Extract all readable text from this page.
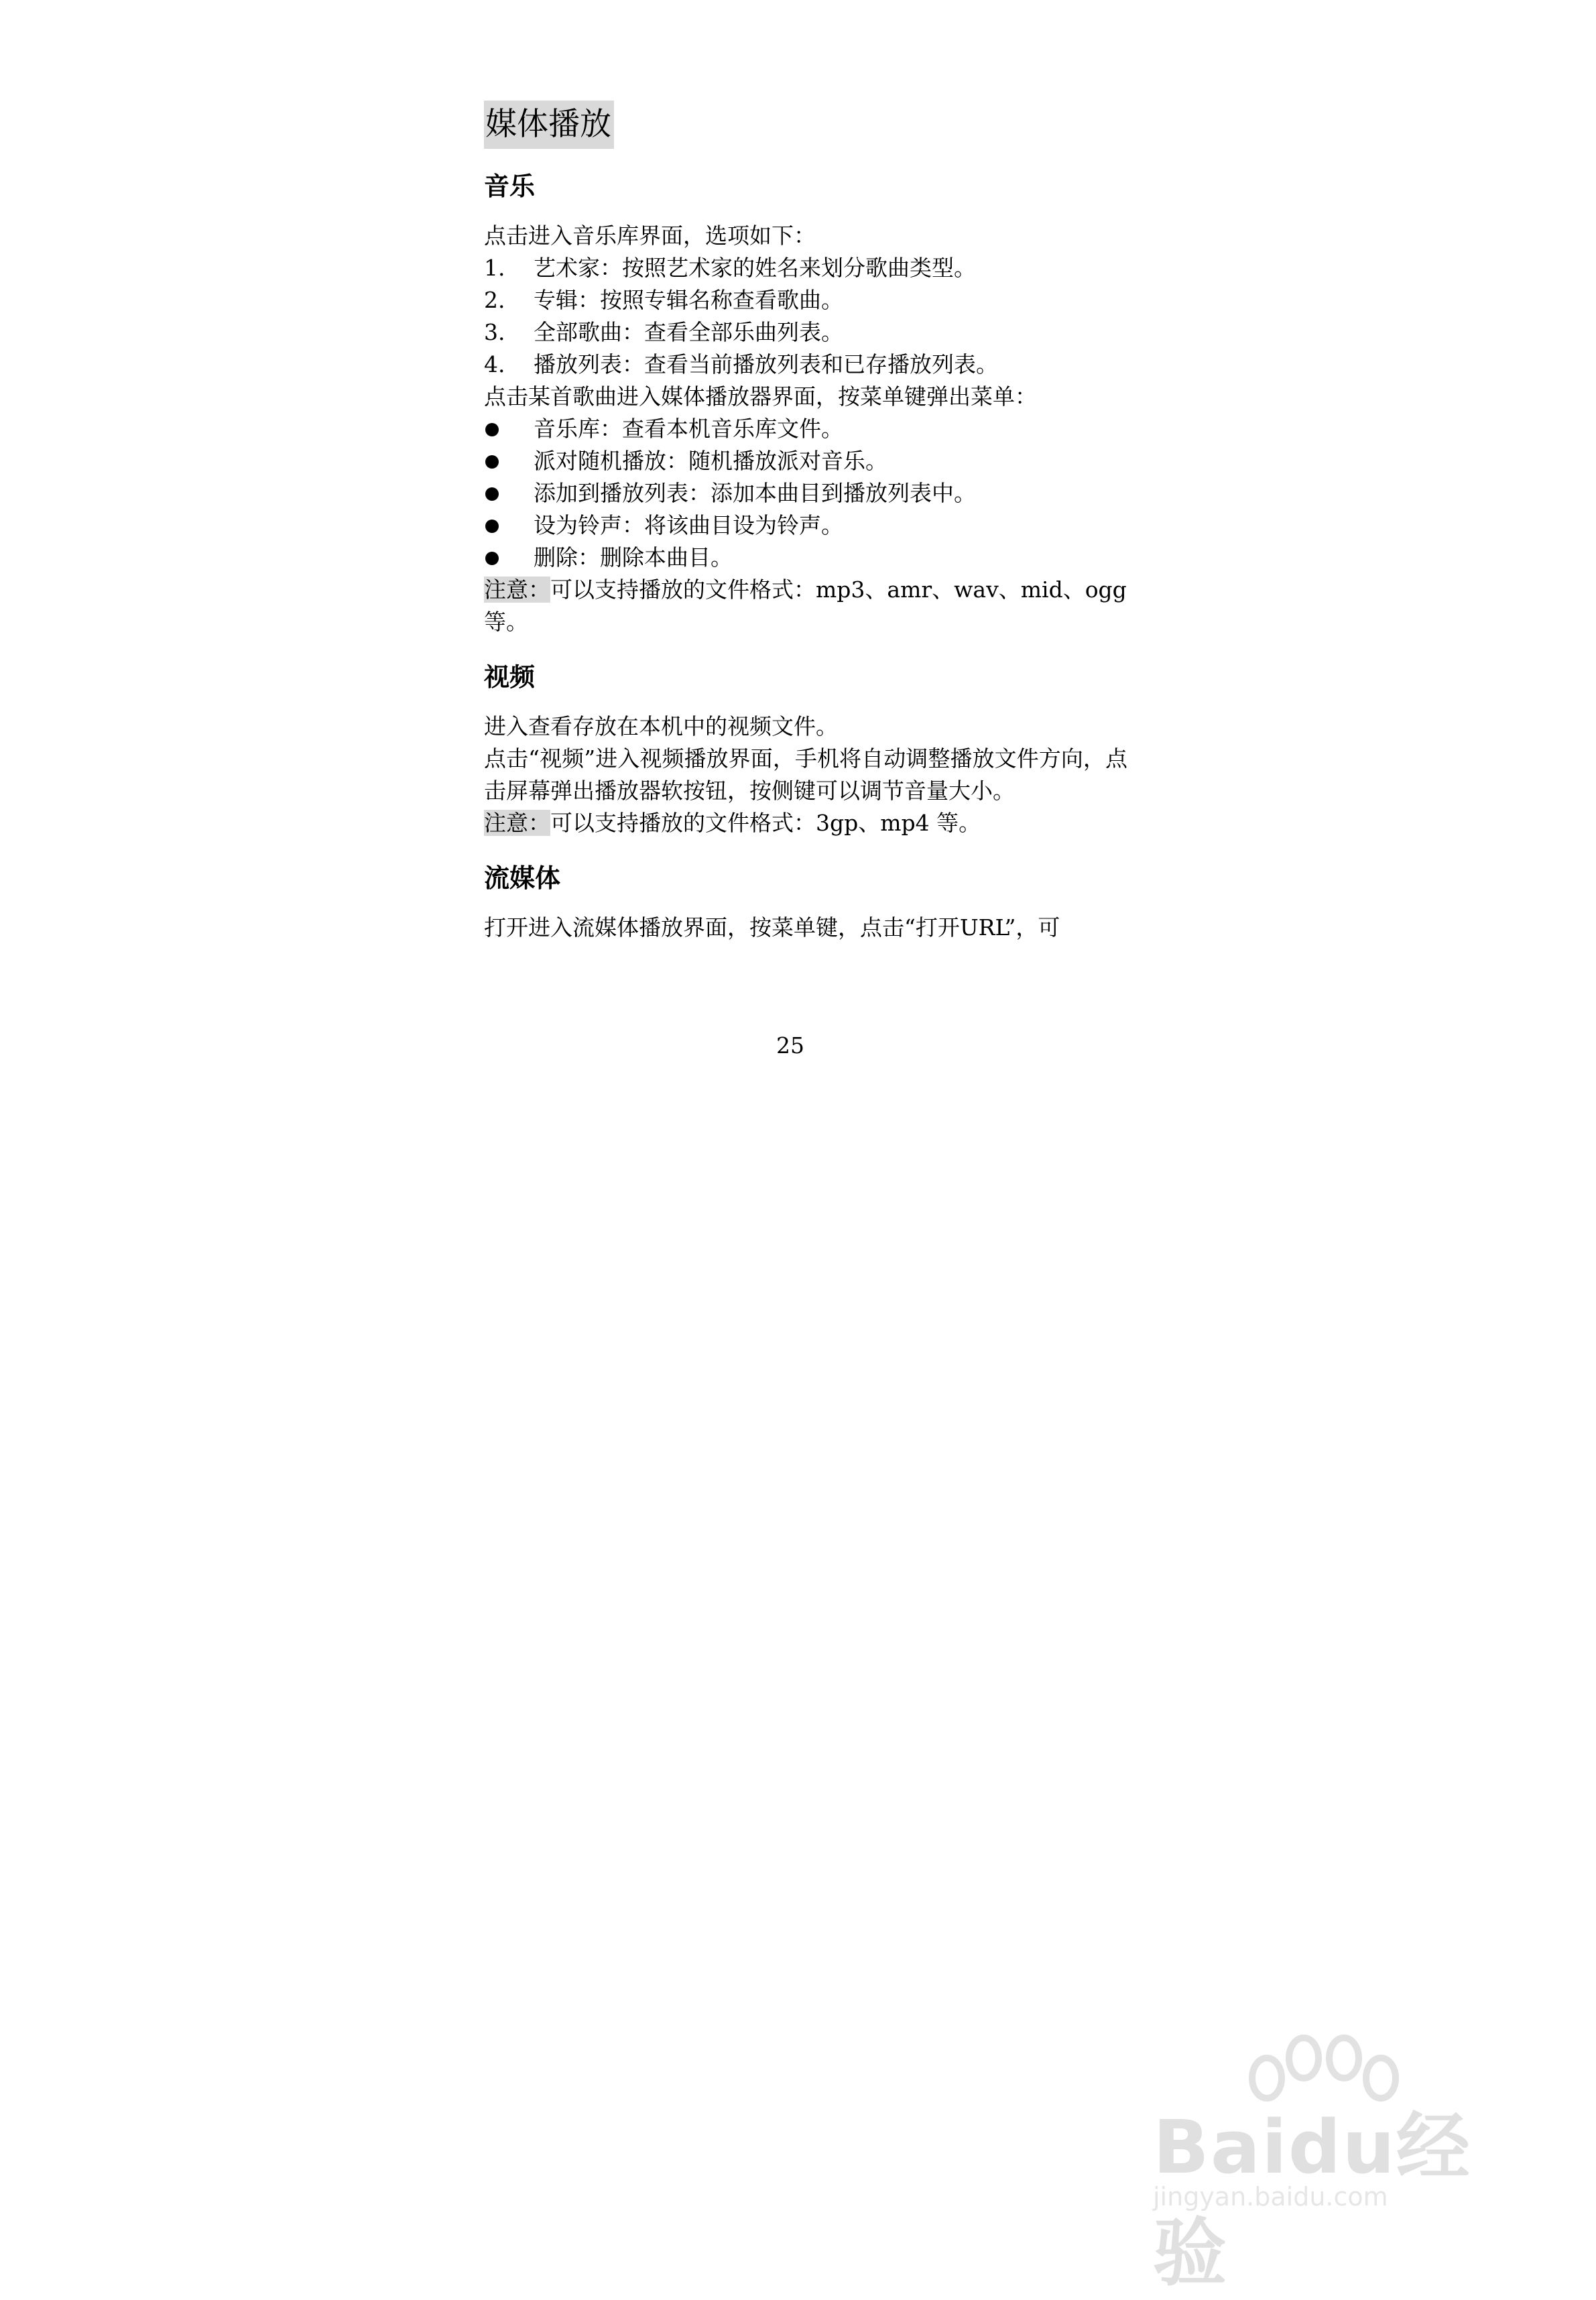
媒体播放
音乐

点击进入音乐库界面，选项如下：

1.	艺术家：按照艺术家的姓名来划分歌曲类型。
2.	专辑：按照专辑名称查看歌曲。
3.	全部歌曲：查看全部乐曲列表。
4.	播放列表：查看当前播放列表和已存播放列表。

点击某首歌曲进入媒体播放器界面，按菜单键弹出菜单：

音乐库：查看本机音乐库文件。
派对随机播放：随机播放派对音乐。
添加到播放列表：添加本曲目到播放列表中。
设为铃声：将该曲目设为铃声。
删除：删除本曲目。

注意：可以支持播放的文件格式：mp3、amr、wav、mid、ogg等。

视频

进入查看存放在本机中的视频文件。

点击“视频”进入视频播放界面，手机将自动调整播放文件方向，点击屏幕弹出播放器软按钮，按侧键可以调节音量大小。

注意：可以支持播放的文件格式：3gp、mp4 等。

流媒体

打开进入流媒体播放界面，按菜单键，点击“打开URL”，可

25
Baidu经验
jingyan.baidu.com
